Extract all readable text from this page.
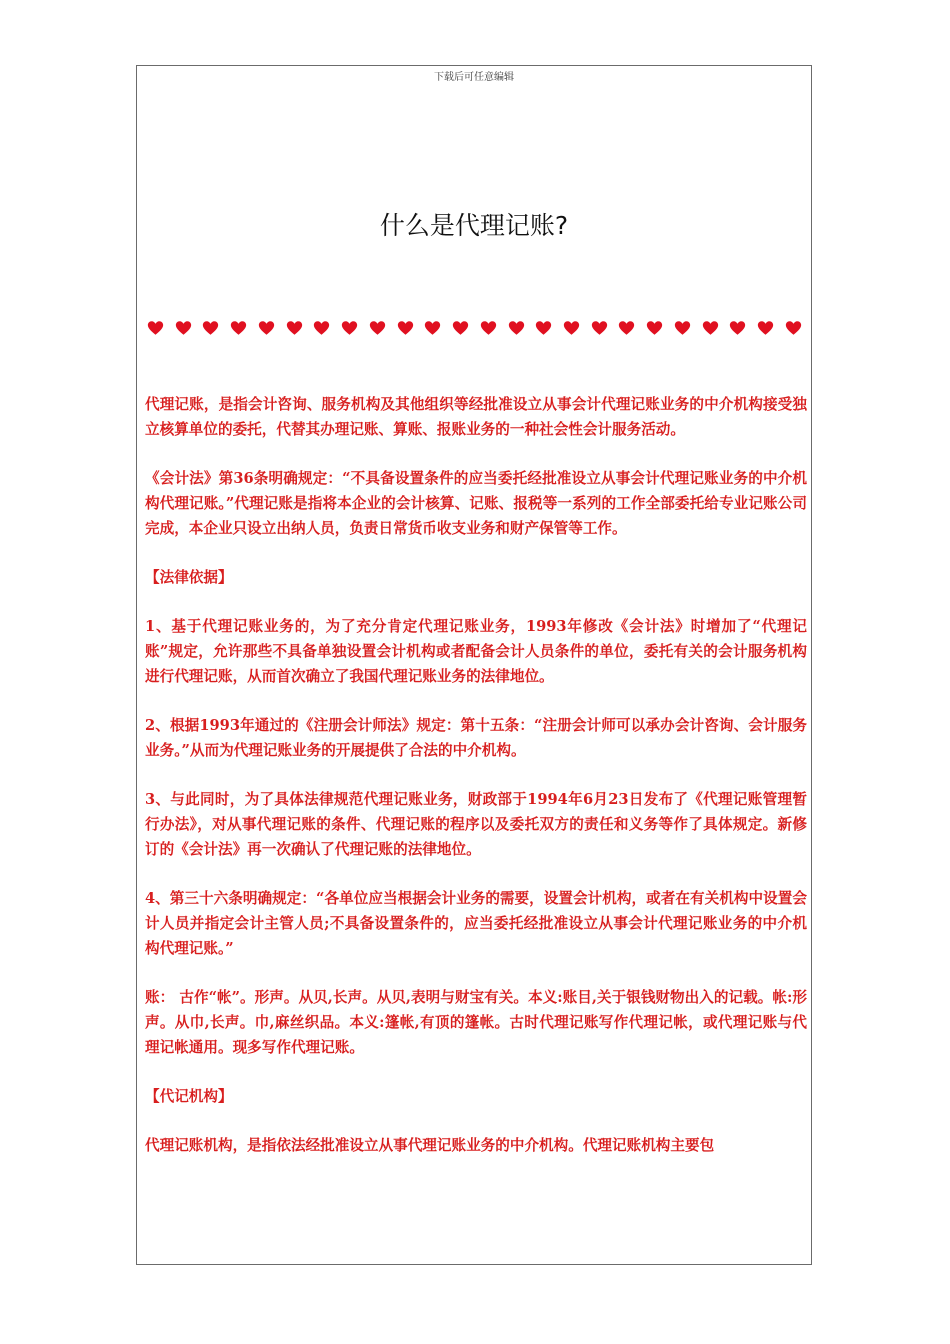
下载后可任意编辑
什么是代理记账?

代理记账，是指会计咨询、服务机构及其他组织等经批准设立从事会计代理记账业务的中介机构接受独立核算单位的委托，代替其办理记账、算账、报账业务的一种社会性会计服务活动。

《会计法》第36条明确规定：“不具备设置条件的应当委托经批准设立从事会计代理记账业务的中介机构代理记账。”代理记账是指将本企业的会计核算、记账、报税等一系列的工作全部委托给专业记账公司完成，本企业只设立出纳人员，负责日常货币收支业务和财产保管等工作。

【法律依据】

1、基于代理记账业务的，为了充分肯定代理记账业务，1993年修改《会计法》时增加了“代理记账”规定，允许那些不具备单独设置会计机构或者配备会计人员条件的单位，委托有关的会计服务机构进行代理记账，从而首次确立了我国代理记账业务的法律地位。

2、根据1993年通过的《注册会计师法》规定：第十五条：“注册会计师可以承办会计咨询、会计服务业务。”从而为代理记账业务的开展提供了合法的中介机构。

3、与此同时，为了具体法律规范代理记账业务，财政部于1994年6月23日发布了《代理记账管理暂行办法》，对从事代理记账的条件、代理记账的程序以及委托双方的责任和义务等作了具体规定。新修订的《会计法》再一次确认了代理记账的法律地位。

4、第三十六条明确规定：“各单位应当根据会计业务的需要，设置会计机构，或者在有关机构中设置会计人员并指定会计主管人员;不具备设置条件的，应当委托经批准设立从事会计代理记账业务的中介机构代理记账。”

账： 古作“帐”。形声。从贝,长声。从贝,表明与财宝有关。本义:账目,关于银钱财物出入的记载。帐:形声。从巾,长声。巾,麻丝织品。本义:篷帐,有顶的篷帐。古时代理记账写作代理记帐，或代理记账与代理记帐通用。现多写作代理记账。

【代记机构】

代理记账机构，是指依法经批准设立从事代理记账业务的中介机构。代理记账机构主要包
